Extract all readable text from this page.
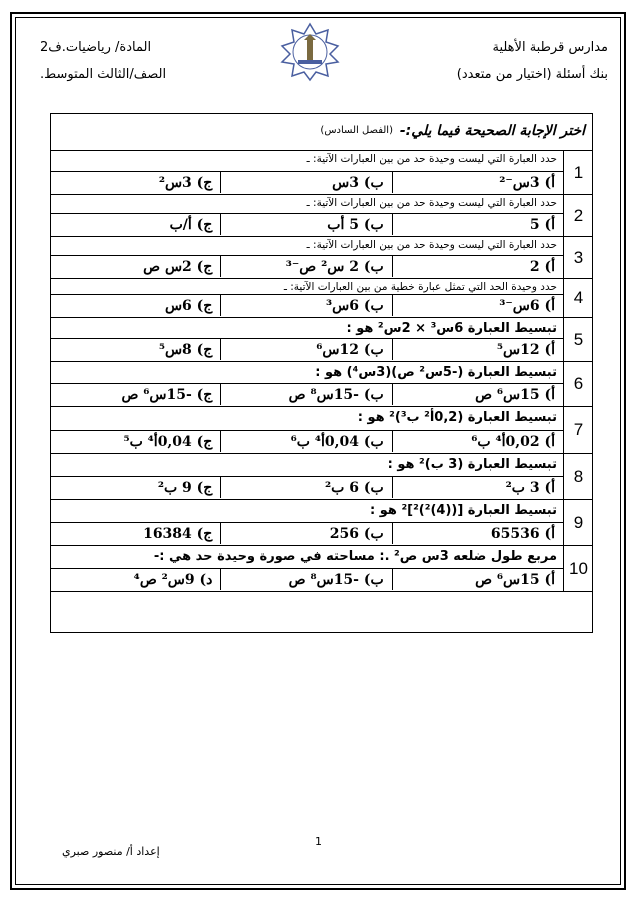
مدارس قرطبة الأهلية
المادة/ رياضيات.ف2
بنك أسئلة (اختيار من متعدد)
الصف/الثالث المتوسط.
اختر الإجابة الصحيحة فيما يلي:-
(الفصل السادس)
1
حدد العبارة التي ليست وحيدة حد من بين العبارات الآتية: ـ
أ) 3س⁻²
ب) 3س
ج) 3س²
2
حدد العبارة التي ليست وحيدة حد من بين العبارات الآتية: ـ
أ) 5
ب) 5 أب
ج) أ/ب
3
حدد العبارة التي ليست وحيدة حد من بين العبارات الآتية: ـ
أ) 2
ب) 2 س² ص⁻³
ج) 2س ص
4
حدد وحيدة الحد التي تمثل عبارة خطية من بين العبارات الآتية: ـ
أ) 6س⁻³
ب) 6س³
ج) 6س
5
تبسيط العبارة 6س³ × 2س² هو :
أ) 12س⁵
ب) 12س⁶
ج) 8س⁵
6
تبسيط العبارة (-5س² ص)(3س⁴) هو :
أ) 15س⁶ ص
ب) -15س⁸ ص
ج) -15س⁶ ص
7
تبسيط العبارة (0,2أ² ب³)² هو :
أ) 0,02أ⁴ ب⁶
ب) 0,04أ⁴ ب⁶
ج) 0,04أ⁴ ب⁵
8
تبسيط العبارة (3 ب)² هو :
أ) 3 ب²
ب) 6 ب²
ج) 9 ب²
9
تبسيط العبارة [((4)²)²]² هو :
أ) 65536
ب) 256
ج) 16384
10
مربع طول ضلعه 3س ص² .: مساحته في صورة وحيدة حد هي :-
أ) 15س⁶ ص
ب) -15س⁸ ص
د) 9س² ص⁴
1
إعداد أ/ منصور صبري
